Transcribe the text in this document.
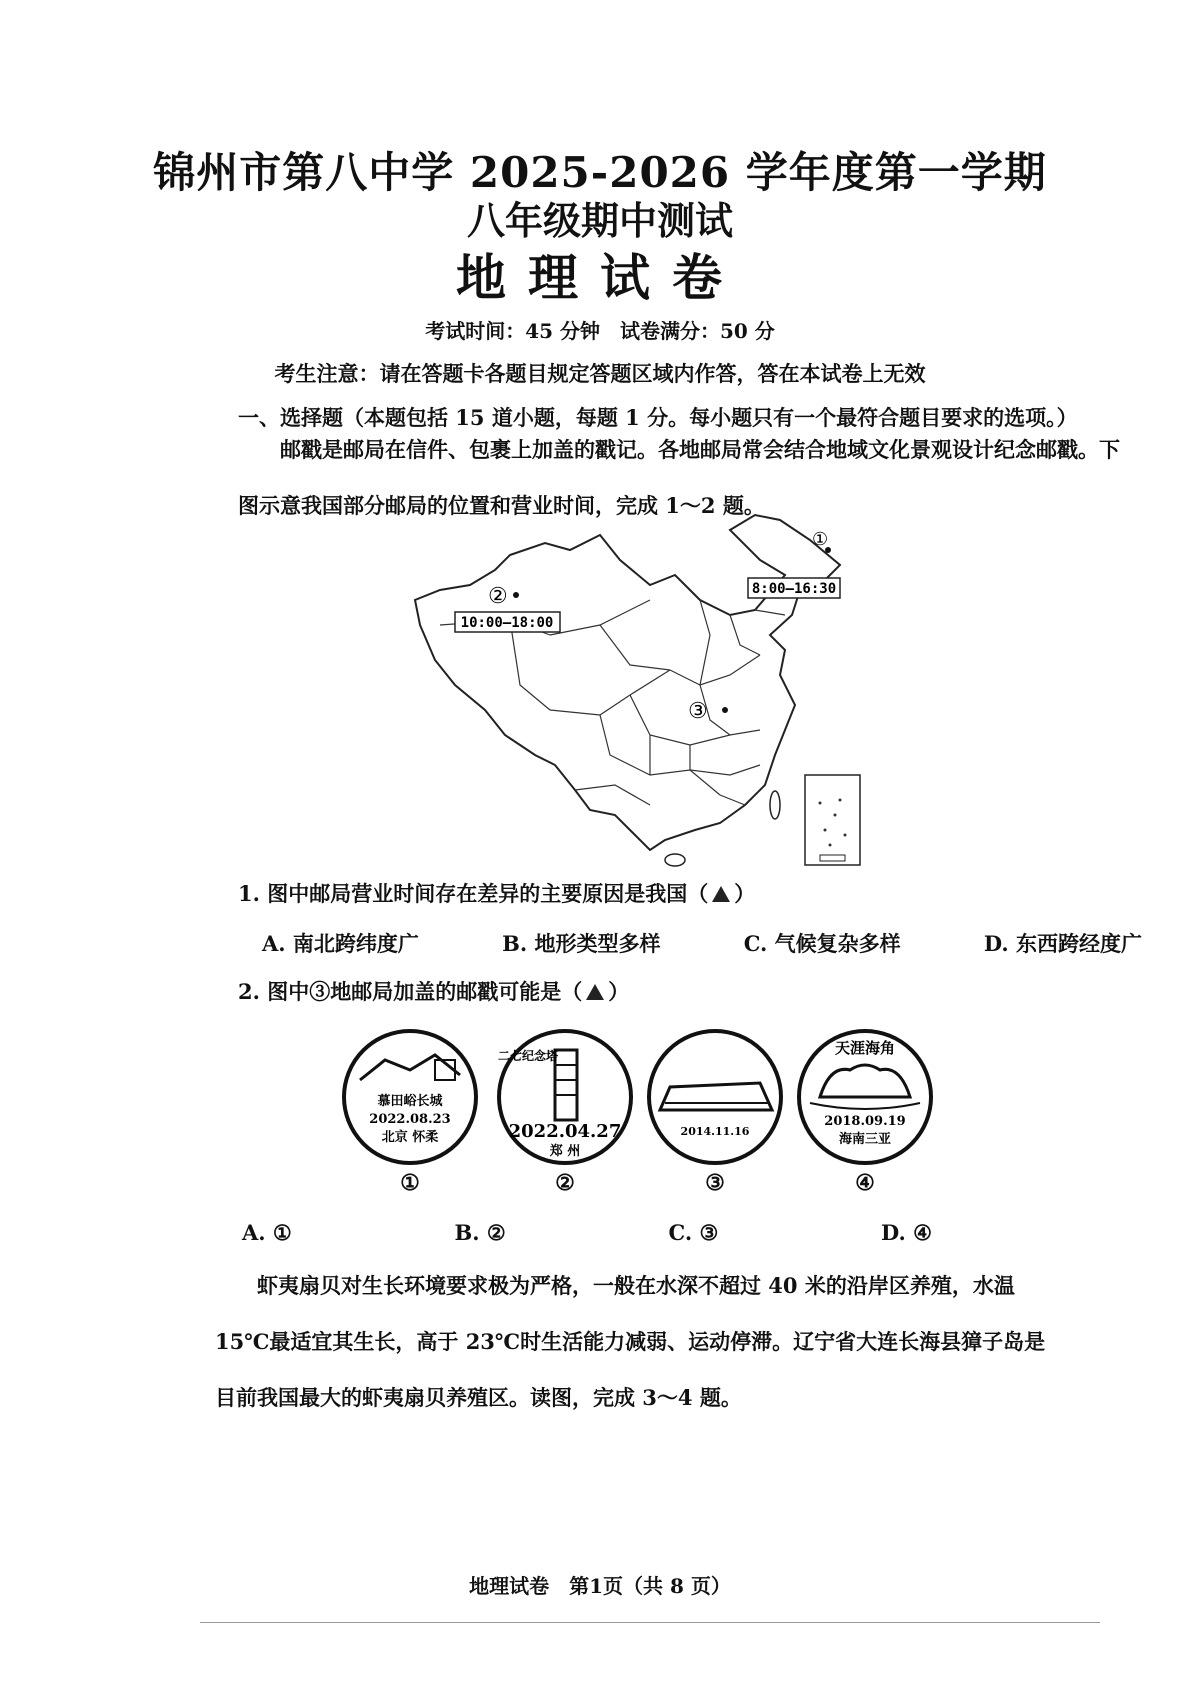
锦州市第八中学 2025-2026 学年度第一学期
八年级期中测试
地理试卷
考试时间：45 分钟　试卷满分：50 分
考生注意：请在答题卡各题目规定答题区域内作答，答在本试卷上无效
一、选择题（本题包括 15 道小题，每题 1 分。每小题只有一个最符合题目要求的选项。）
邮戳是邮局在信件、包裹上加盖的戳记。各地邮局常会结合地域文化景观设计纪念邮戳。下图示意我国部分邮局的位置和营业时间，完成 1～2 题。
①
②
③
8:00—16:30
10:00—18:00
1. 图中邮局营业时间存在差异的主要原因是我国（ ）
A. 南北跨纬度广	B. 地形类型多样	C. 气候复杂多样	D. 东西跨经度广
2. 图中③地邮局加盖的邮戳可能是（ ）
慕田峪长城
2022.08.23
北京 怀柔
二七纪念塔
2022.04.27
郑 州
2014.11.16
天涯海角
2018.09.19
海南三亚
①	②	③	④
A. ①	B. ②	C. ③	D. ④
虾夷扇贝对生长环境要求极为严格，一般在水深不超过 40 米的沿岸区养殖，水温 15℃最适宜其生长，高于 23℃时生活能力减弱、运动停滞。辽宁省大连长海县獐子岛是目前我国最大的虾夷扇贝养殖区。读图，完成 3～4 题。
地理试卷　第1页（共 8 页）
